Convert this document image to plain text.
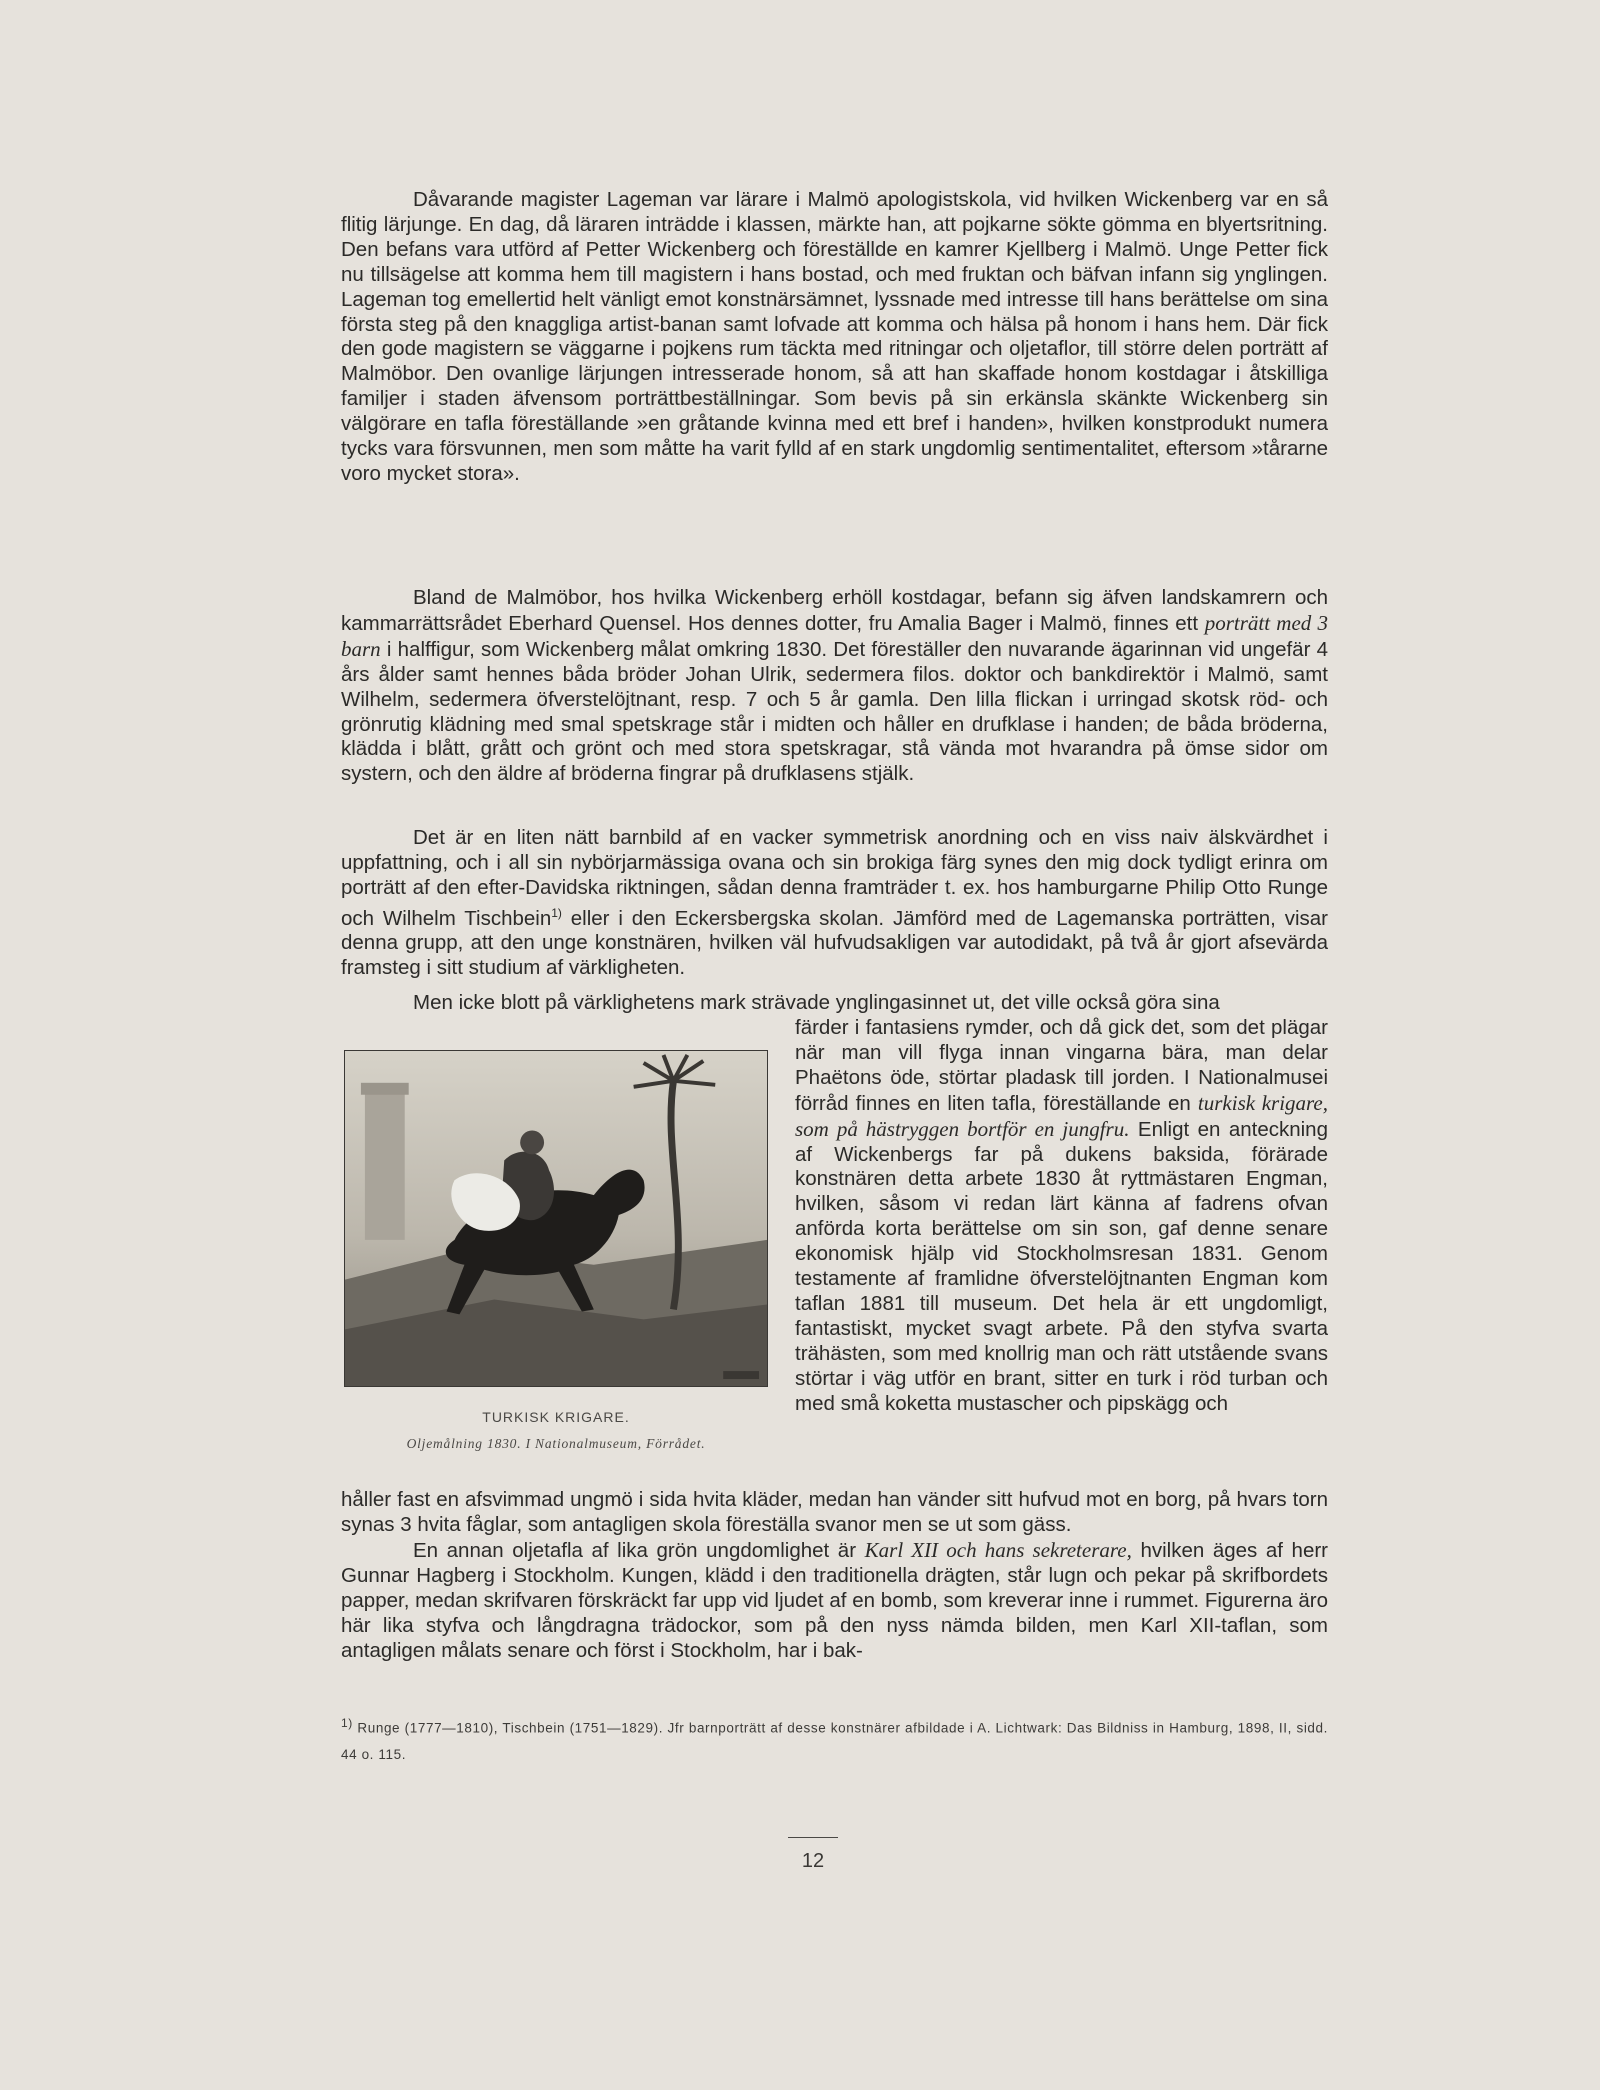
Dåvarande magister Lageman var lärare i Malmö apologistskola, vid hvilken Wickenberg var en så flitig lärjunge. En dag, då läraren inträdde i klassen, märkte han, att pojkarne sökte gömma en blyertsritning. Den befans vara utförd af Petter Wickenberg och föreställde en kamrer Kjellberg i Malmö. Unge Petter fick nu tillsägelse att komma hem till magistern i hans bostad, och med fruktan och bäfvan infann sig ynglingen. Lageman tog emellertid helt vänligt emot konstnärsämnet, lyssnade med intresse till hans berättelse om sina första steg på den knaggliga artist-banan samt lofvade att komma och hälsa på honom i hans hem. Där fick den gode magistern se väggarne i pojkens rum täckta med ritningar och oljetaflor, till större delen porträtt af Malmöbor. Den ovanlige lärjungen intresserade honom, så att han skaffade honom kostdagar i åtskilliga familjer i staden äfvensom porträttbeställningar. Som bevis på sin erkänsla skänkte Wickenberg sin välgörare en tafla föreställande »en gråtande kvinna med ett bref i handen», hvilken konstprodukt numera tycks vara försvunnen, men som måtte ha varit fylld af en stark ungdomlig sentimentalitet, eftersom »tårarne voro mycket stora».

Bland de Malmöbor, hos hvilka Wickenberg erhöll kostdagar, befann sig äfven landskamrern och kammarrättsrådet Eberhard Quensel. Hos dennes dotter, fru Amalia Bager i Malmö, finnes ett porträtt med 3 barn i halffigur, som Wickenberg målat omkring 1830. Det föreställer den nuvarande ägarinnan vid ungefär 4 års ålder samt hennes båda bröder Johan Ulrik, sedermera filos. doktor och bankdirektör i Malmö, samt Wilhelm, sedermera öfverstelöjtnant, resp. 7 och 5 år gamla. Den lilla flickan i urringad skotsk röd- och grönrutig klädning med smal spetskrage står i midten och håller en drufklase i handen; de båda bröderna, klädda i blått, grått och grönt och med stora spetskragar, stå vända mot hvarandra på ömse sidor om systern, och den äldre af bröderna fingrar på drufklasens stjälk.

Det är en liten nätt barnbild af en vacker symmetrisk anordning och en viss naiv älskvärdhet i uppfattning, och i all sin nybörjarmässiga ovana och sin brokiga färg synes den mig dock tydligt erinra om porträtt af den efter-Davidska riktningen, sådan denna framträder t. ex. hos hamburgarne Philip Otto Runge och Wilhelm Tischbein$^{1)}$ eller i den Eckersbergska skolan. Jämförd med de Lagemanska porträtten, visar denna grupp, att den unge konstnären, hvilken väl hufvudsakligen var autodidakt, på två år gjort afsevärda framsteg i sitt studium af värkligheten.

Men icke blott på värklighetens mark strävade ynglingasinnet ut, det ville också göra sina

färder i fantasiens rymder, och då gick det, som det plägar när man vill flyga innan vingarna bära, man delar Phaëtons öde, störtar pladask till jorden. I Nationalmusei förråd finnes en liten tafla, föreställande en turkisk krigare, som på hästryggen bortför en jungfru. Enligt en anteckning af Wickenbergs far på dukens baksida, förärade konstnären detta arbete 1830 åt ryttmästaren Engman, hvilken, såsom vi redan lärt känna af fadrens ofvan anförda korta berättelse om sin son, gaf denne senare ekonomisk hjälp vid Stockholmsresan 1831. Genom testamente af framlidne öfverstelöjtnanten Engman kom taflan 1881 till museum. Det hela är ett ungdomligt, fantastiskt, mycket svagt arbete. På den styfva svarta trähästen, som med knollrig man och rätt utstående svans störtar i väg utför en brant, sitter en turk i röd turban och med små koketta mustascher och pipskägg och

håller fast en afsvimmad ungmö i sida hvita kläder, medan han vänder sitt hufvud mot en borg, på hvars torn synas 3 hvita fåglar, som antagligen skola föreställa svanor men se ut som gäss.

En annan oljetafla af lika grön ungdomlighet är Karl XII och hans sekreterare, hvilken äges af herr Gunnar Hagberg i Stockholm. Kungen, klädd i den traditionella drägten, står lugn och pekar på skrifbordets papper, medan skrifvaren förskräckt far upp vid ljudet af en bomb, som kreverar inne i rummet. Figurerna äro här lika styfva och långdragna trädockor, som på den nyss nämda bilden, men Karl XII-taflan, som antagligen målats senare och först i Stockholm, har i bak-

TURKISK KRIGARE.
Oljemålning 1830. I Nationalmuseum, Förrådet.

$^{1)}$ Runge (1777—1810), Tischbein (1751—1829). Jfr barnporträtt af desse konstnärer afbildade i A. Lichtwark: Das Bildniss in Hamburg, 1898, II, sidd. 44 o. 115.

12
